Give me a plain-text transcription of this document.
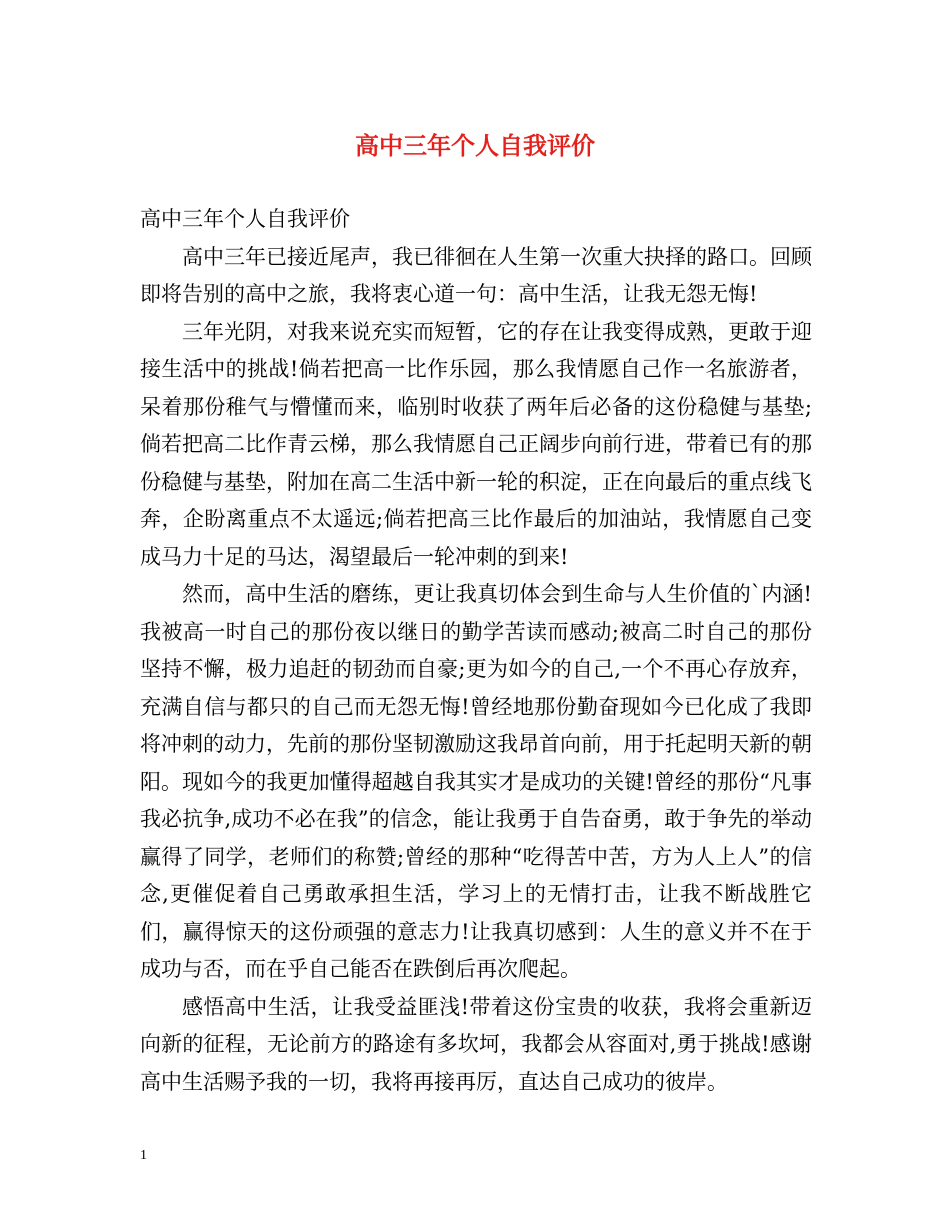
高中三年个人自我评价

高中三年个人自我评价

高中三年已接近尾声，我已徘徊在人生第一次重大抉择的路口。回顾即将告别的高中之旅，我将衷心道一句：高中生活，让我无怨无悔!

三年光阴，对我来说充实而短暂，它的存在让我变得成熟，更敢于迎接生活中的挑战!倘若把高一比作乐园，那么我情愿自己作一名旅游者，呆着那份稚气与懵懂而来，临别时收获了两年后必备的这份稳健与基垫;倘若把高二比作青云梯，那么我情愿自己正阔步向前行进，带着已有的那份稳健与基垫，附加在高二生活中新一轮的积淀，正在向最后的重点线飞奔，企盼离重点不太遥远;倘若把高三比作最后的加油站，我情愿自己变成马力十足的马达，渴望最后一轮冲刺的到来!

然而，高中生活的磨练，更让我真切体会到生命与人生价值的`内涵!我被高一时自己的那份夜以继日的勤学苦读而感动;被高二时自己的那份坚持不懈，极力追赶的韧劲而自豪;更为如今的自己,一个不再心存放弃，充满自信与都只的自己而无怨无悔!曾经地那份勤奋现如今已化成了我即将冲刺的动力，先前的那份坚韧激励这我昂首向前，用于托起明天新的朝阳。现如今的我更加懂得超越自我其实才是成功的关键!曾经的那份“凡事我必抗争,成功不必在我”的信念，能让我勇于自告奋勇，敢于争先的举动赢得了同学，老师们的称赞;曾经的那种“吃得苦中苦，方为人上人”的信念,更催促着自己勇敢承担生活，学习上的无情打击，让我不断战胜它们，赢得惊天的这份顽强的意志力!让我真切感到：人生的意义并不在于成功与否，而在乎自己能否在跌倒后再次爬起。

感悟高中生活，让我受益匪浅!带着这份宝贵的收获，我将会重新迈向新的征程，无论前方的路途有多坎坷，我都会从容面对,勇于挑战!感谢高中生活赐予我的一切，我将再接再厉，直达自己成功的彼岸。

1
